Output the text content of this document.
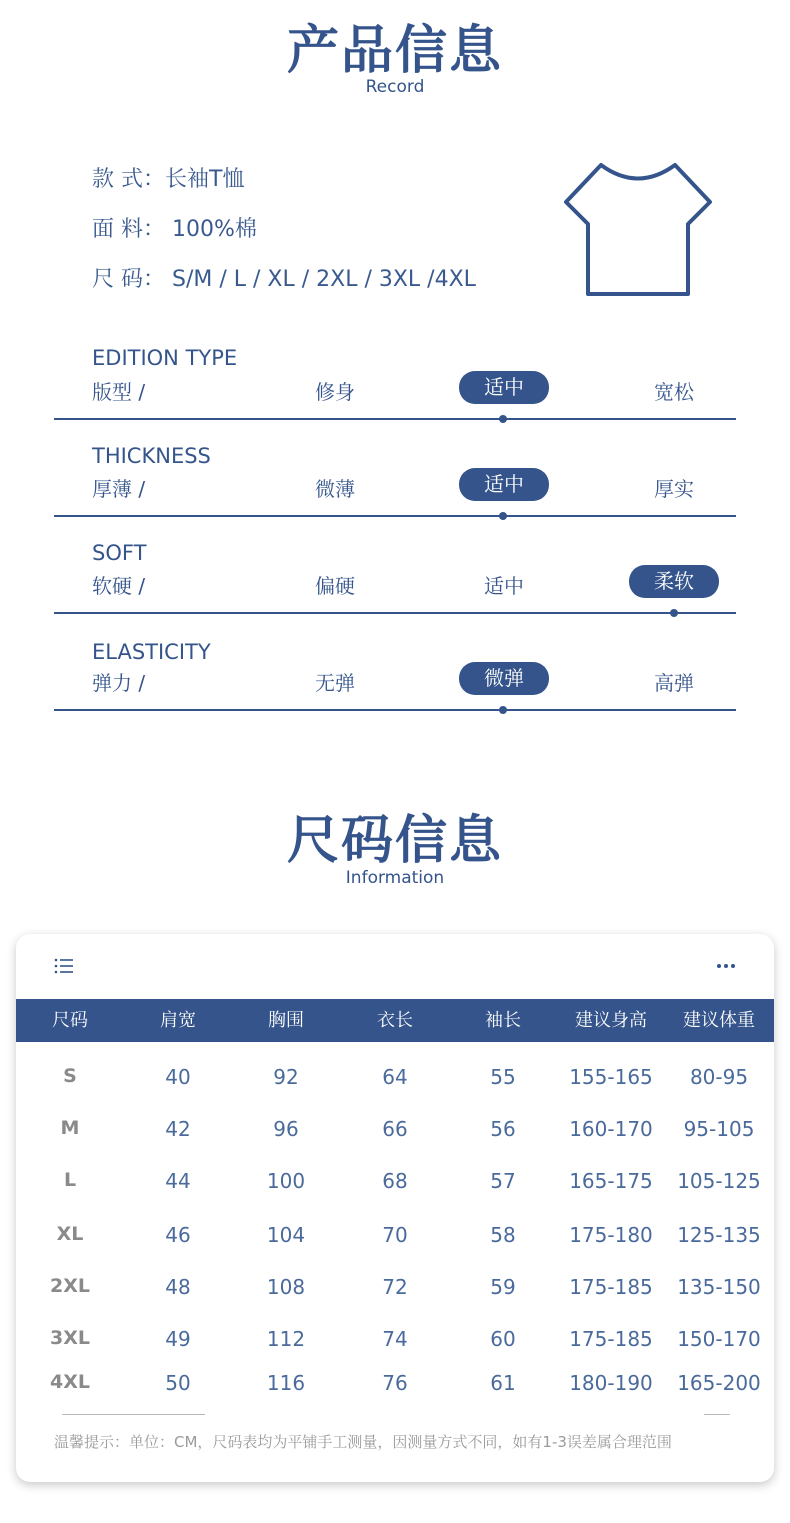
产品信息
Record
款 式：长袖T恤
面 料： 100%棉
尺 码： S/M / L / XL / 2XL / 3XL /4XL
EDITION TYPE
版型 /	修身	适中	宽松
THICKNESS
厚薄 /	微薄	适中	厚实
SOFT
软硬 /	偏硬	适中	柔软
ELASTICITY
弹力 /	无弹	微弹	高弹
尺码信息
Information
尺码	肩宽	胸围	衣长	袖长	建议身高	建议体重
S	40	92	64	55	155-165	80-95
M	42	96	66	56	160-170	95-105
L	44	100	68	57	165-175	105-125
XL	46	104	70	58	175-180	125-135
2XL	48	108	72	59	175-185	135-150
3XL	49	112	74	60	175-185	150-170
4XL	50	116	76	61	180-190	165-200
温馨提示：单位：CM，尺码表均为平铺手工测量，因测量方式不同，如有1-3误差属合理范围
